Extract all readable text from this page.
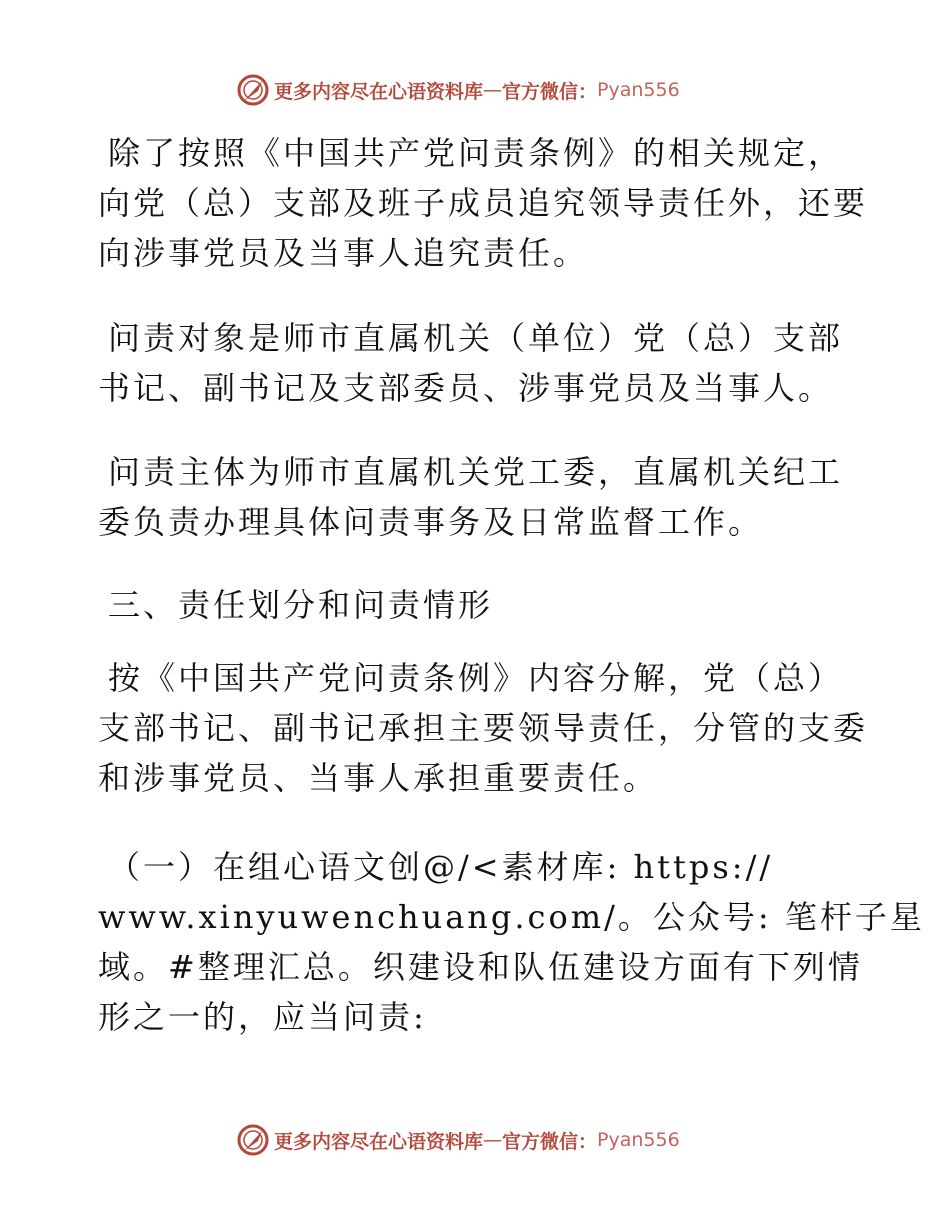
更多内容尽在心语资料库 — 官方微信： Pyan556

除了按照《中国共产党问责条例》的相关规定，
向党（总）支部及班子成员追究领导责任外，还要
向涉事党员及当事人追究责任。

问责对象是师市直属机关（单位）党（总）支部
书记、副书记及支部委员、涉事党员及当事人。

问责主体为师市直属机关党工委，直属机关纪工
委负责办理具体问责事务及日常监督工作。

三、责任划分和问责情形

按《中国共产党问责条例》内容分解，党（总）
支部书记、副书记承担主要领导责任，分管的支委
和涉事党员、当事人承担重要责任。

（一）在组心语文创@/<素材库: https://
www.xinyuwenchuang.com/。公众号: 笔杆子星
域。#整理汇总。织建设和队伍建设方面有下列情
形之一的，应当问责:

更多内容尽在心语资料库 — 官方微信： Pyan556
